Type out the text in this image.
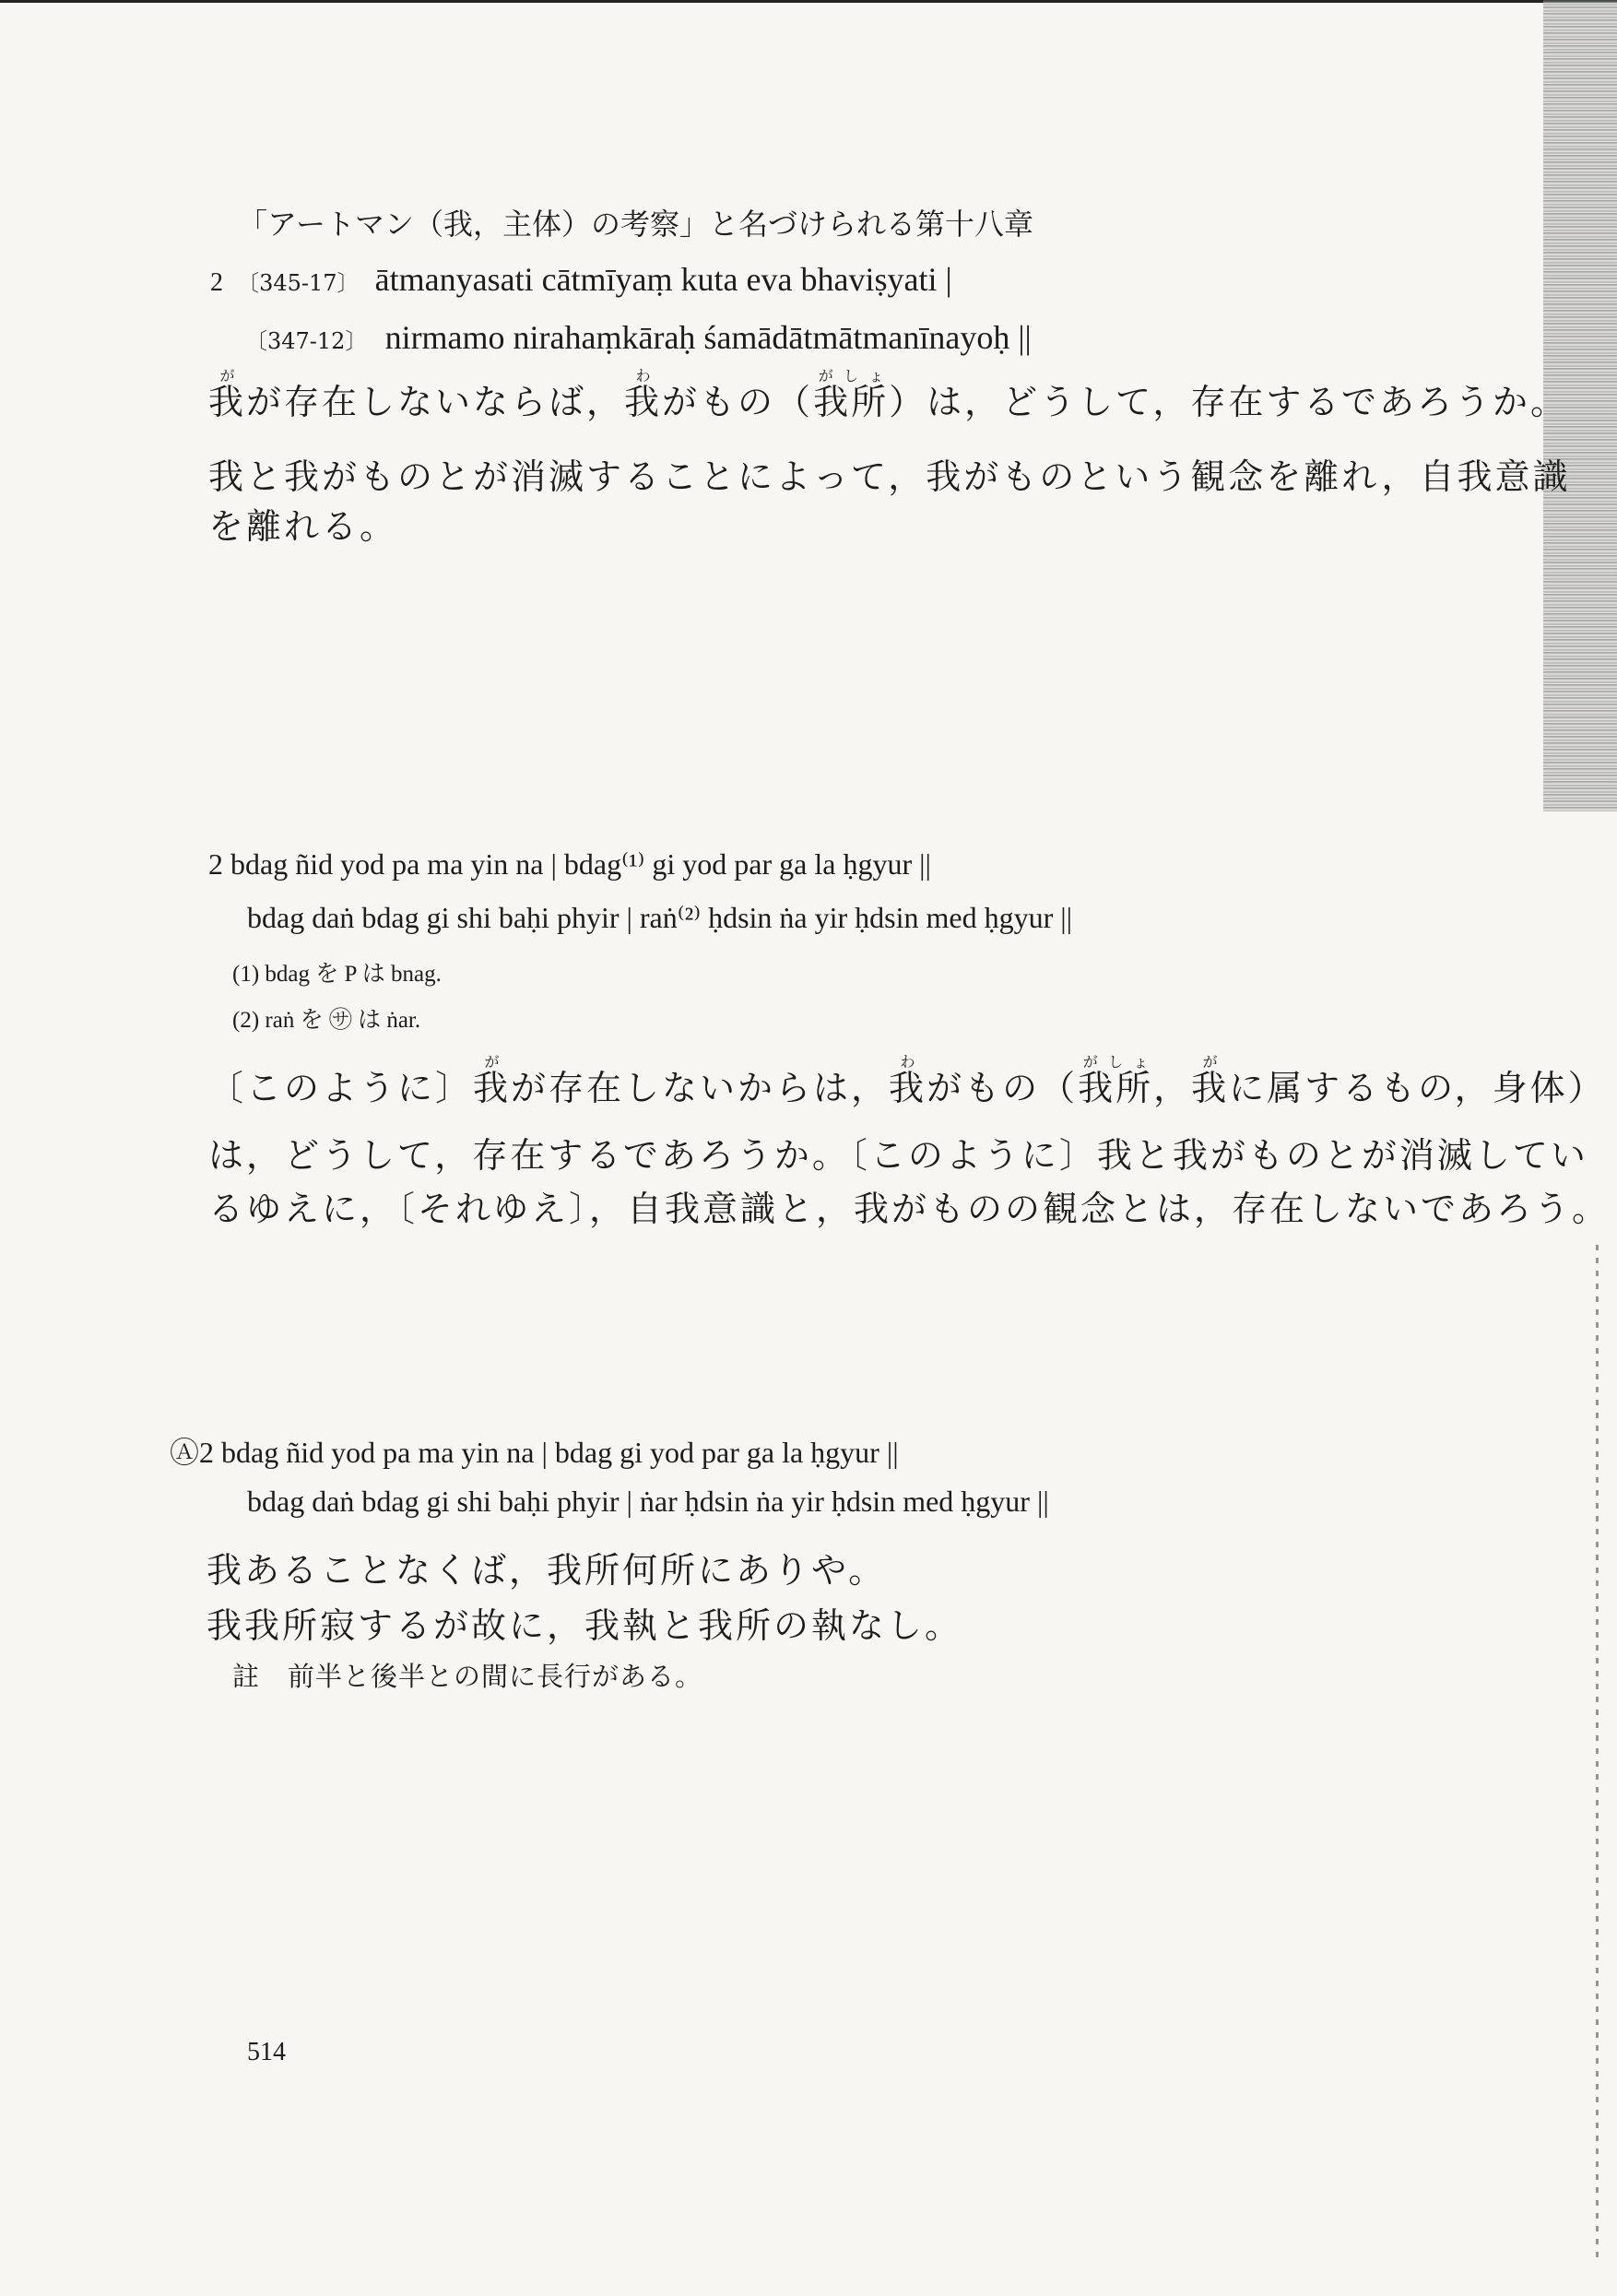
「アートマン（我，主体）の考察」と名づけられる第十八章
2 〔345-17〕 ātmanyasati cātmīyaṃ kuta eva bhaviṣyati |
〔347-12〕 nirmamo nirahaṃkāraḥ śamādātmātmanīnayoḥ ||
我がが存在しないならば，我わがもの（我所がしょ）は，どうして，存在するであろうか。
我と我がものとが消滅することによって，我がものという観念を離れ，自我意識
を離れる。
2 bdag ñid yod pa ma yin na | bdag⁽¹⁾ gi yod par ga la ḥgyur ||
bdag daṅ bdag gi shi baḥi phyir | raṅ⁽²⁾ ḥdsin ṅa yir ḥdsin med ḥgyur ||
(1) bdag を P は bnag.
(2) raṅ を ㋚ は ṅar.
〔このように〕我がが存在しないからは，我わがもの（我所がしょ，我がに属するもの，身体）
は，どうして，存在するであろうか。〔このように〕我と我がものとが消滅してい
るゆえに，〔それゆえ〕，自我意識と，我がものの観念とは，存在しないであろう。
Ⓐ2 bdag ñid yod pa ma yin na | bdag gi yod par ga la ḥgyur ||
bdag daṅ bdag gi shi baḥi phyir | ṅar ḥdsin ṅa yir ḥdsin med ḥgyur ||
我あることなくば，我所何所にありや。
我我所寂するが故に，我執と我所の執なし。
註　前半と後半との間に長行がある。
514
